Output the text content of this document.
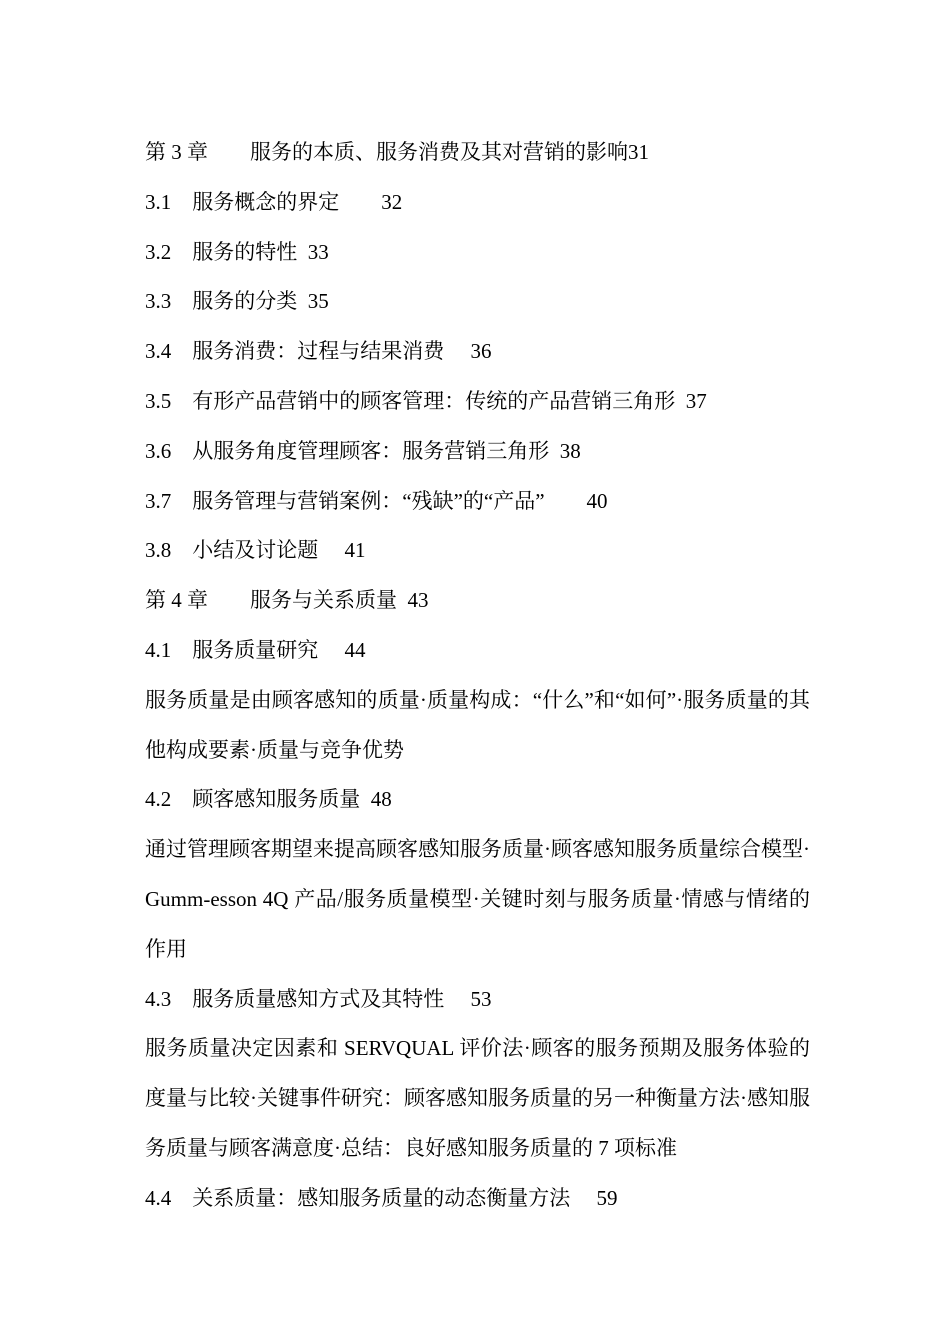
第 3 章　　服务的本质、服务消费及其对营销的影响31
3.1　服务概念的界定　　32
3.2　服务的特性  33
3.3　服务的分类  35
3.4　服务消费：过程与结果消费　 36
3.5　有形产品营销中的顾客管理：传统的产品营销三角形  37
3.6　从服务角度管理顾客：服务营销三角形  38
3.7　服务管理与营销案例：“残缺”的“产品”　　40
3.8　小结及讨论题　 41
第 4 章　　服务与关系质量  43
4.1　服务质量研究　 44
服务质量是由顾客感知的质量·质量构成：“什么”和“如何”·服务质量的其他构成要素·质量与竞争优势
4.2　顾客感知服务质量  48
通过管理顾客期望来提高顾客感知服务质量·顾客感知服务质量综合模型·Gumm-esson 4Q 产品/服务质量模型·关键时刻与服务质量·情感与情绪的作用
4.3　服务质量感知方式及其特性　 53
服务质量决定因素和 SERVQUAL 评价法·顾客的服务预期及服务体验的度量与比较·关键事件研究：顾客感知服务质量的另一种衡量方法·感知服务质量与顾客满意度·总结：良好感知服务质量的 7 项标准
4.4　关系质量：感知服务质量的动态衡量方法　 59
